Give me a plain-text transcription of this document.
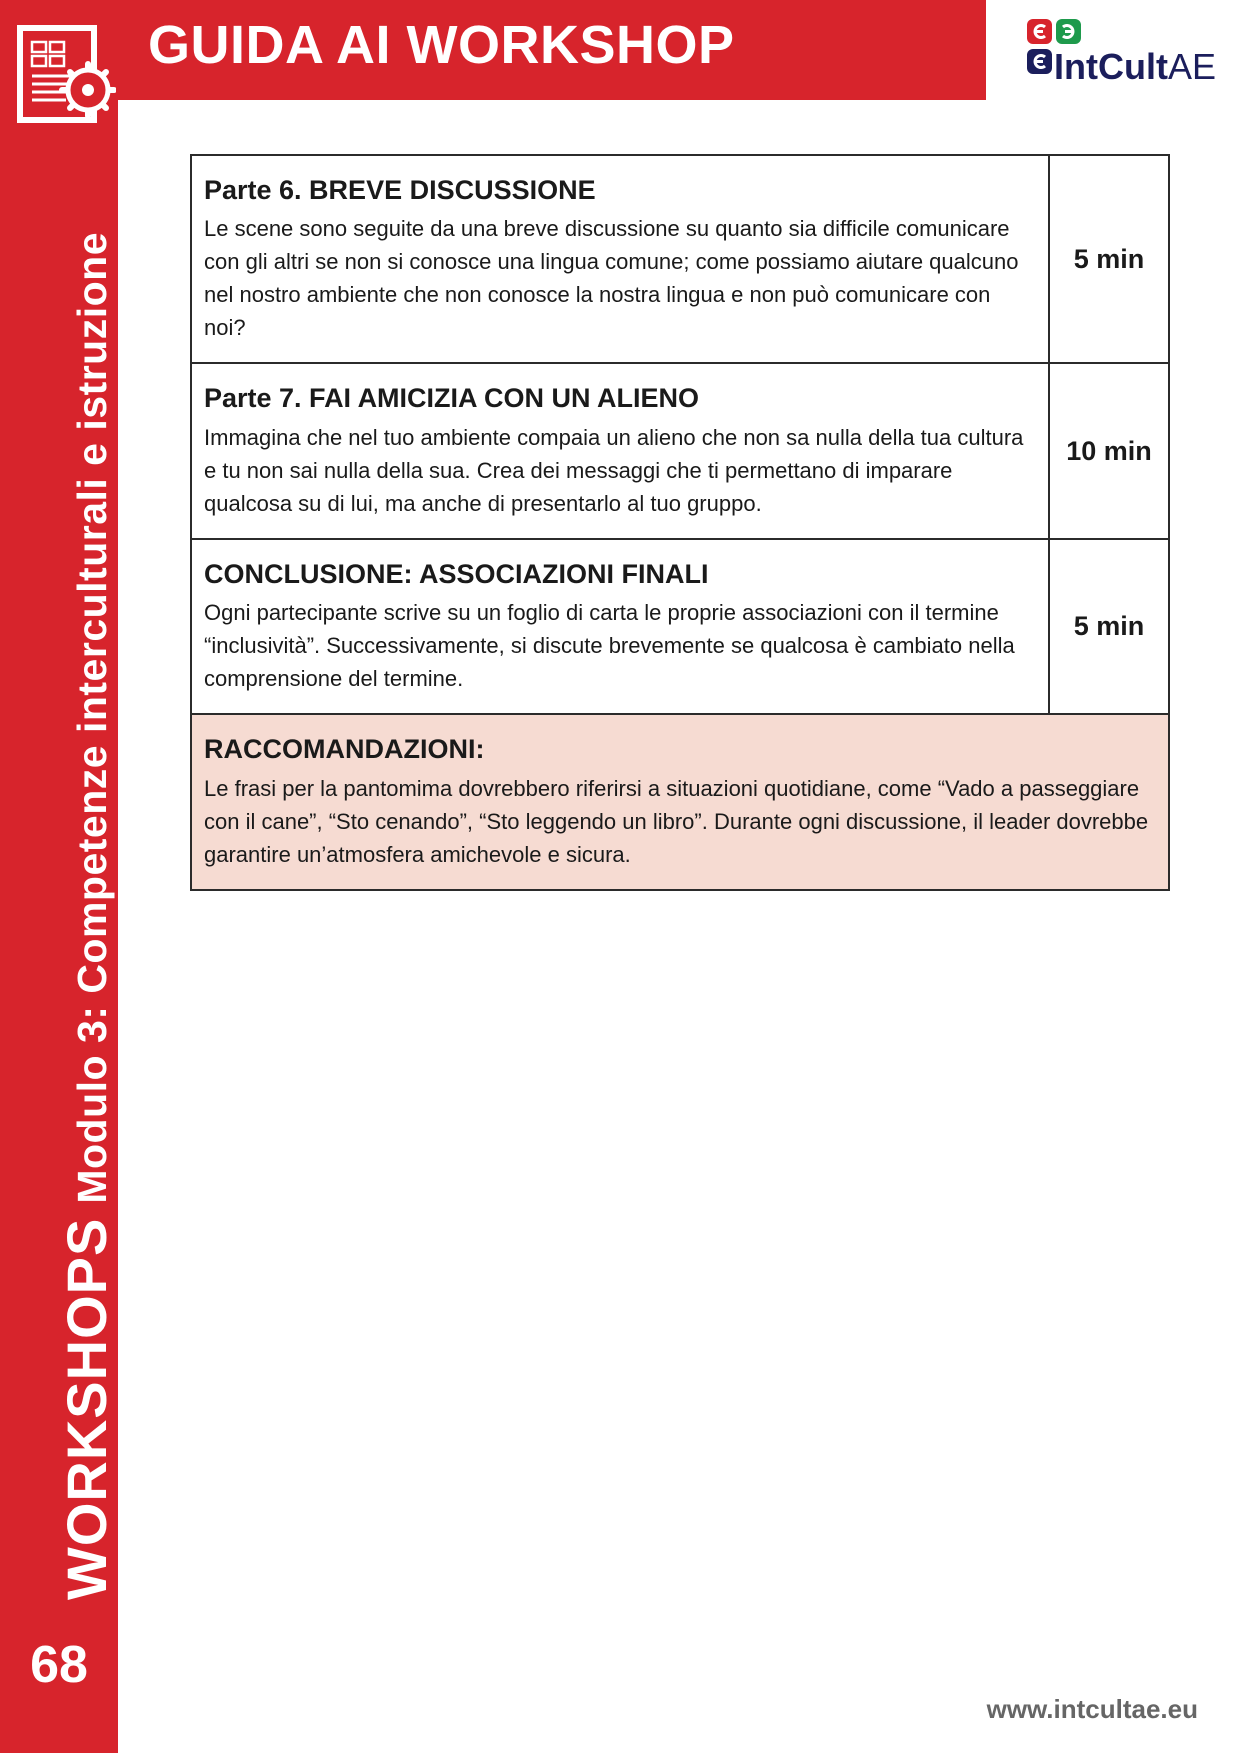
WORKSHOPSModulo 3: Competenze interculturali e istruzione
68
GUIDA AI WORKSHOP	IntCultAE

Parte 6. BREVE DISCUSSIONE

Le scene sono seguite da una breve discussione su quanto sia difficile comunicare con gli altri se non si conosce una lingua comune; come possiamo aiutare qualcuno nel nostro ambiente che non conosce la nostra lingua e non può comunicare con noi?	5 min

Parte 7. FAI AMICIZIA CON UN ALIENO

Immagina che nel tuo ambiente compaia un alieno che non sa nulla della tua cultura e tu non sai nulla della sua. Crea dei messaggi che ti permettano di imparare qualcosa su di lui, ma anche di presentarlo al tuo gruppo.	10 min

CONCLUSIONE: ASSOCIAZIONI FINALI

Ogni partecipante scrive su un foglio di carta le proprie associazioni con il termine “inclusività”. Successivamente, si discute brevemente se qualcosa è cambiato nella comprensione del termine.	5 min

RACCOMANDAZIONI:

Le frasi per la pantomima dovrebbero riferirsi a situazioni quotidiane, come “Vado a passeggiare con il cane”, “Sto cenando”, “Sto leggendo un libro”. Durante ogni discussione, il leader dovrebbe garantire un’atmosfera amichevole e sicura.	

www.intcultae.eu
